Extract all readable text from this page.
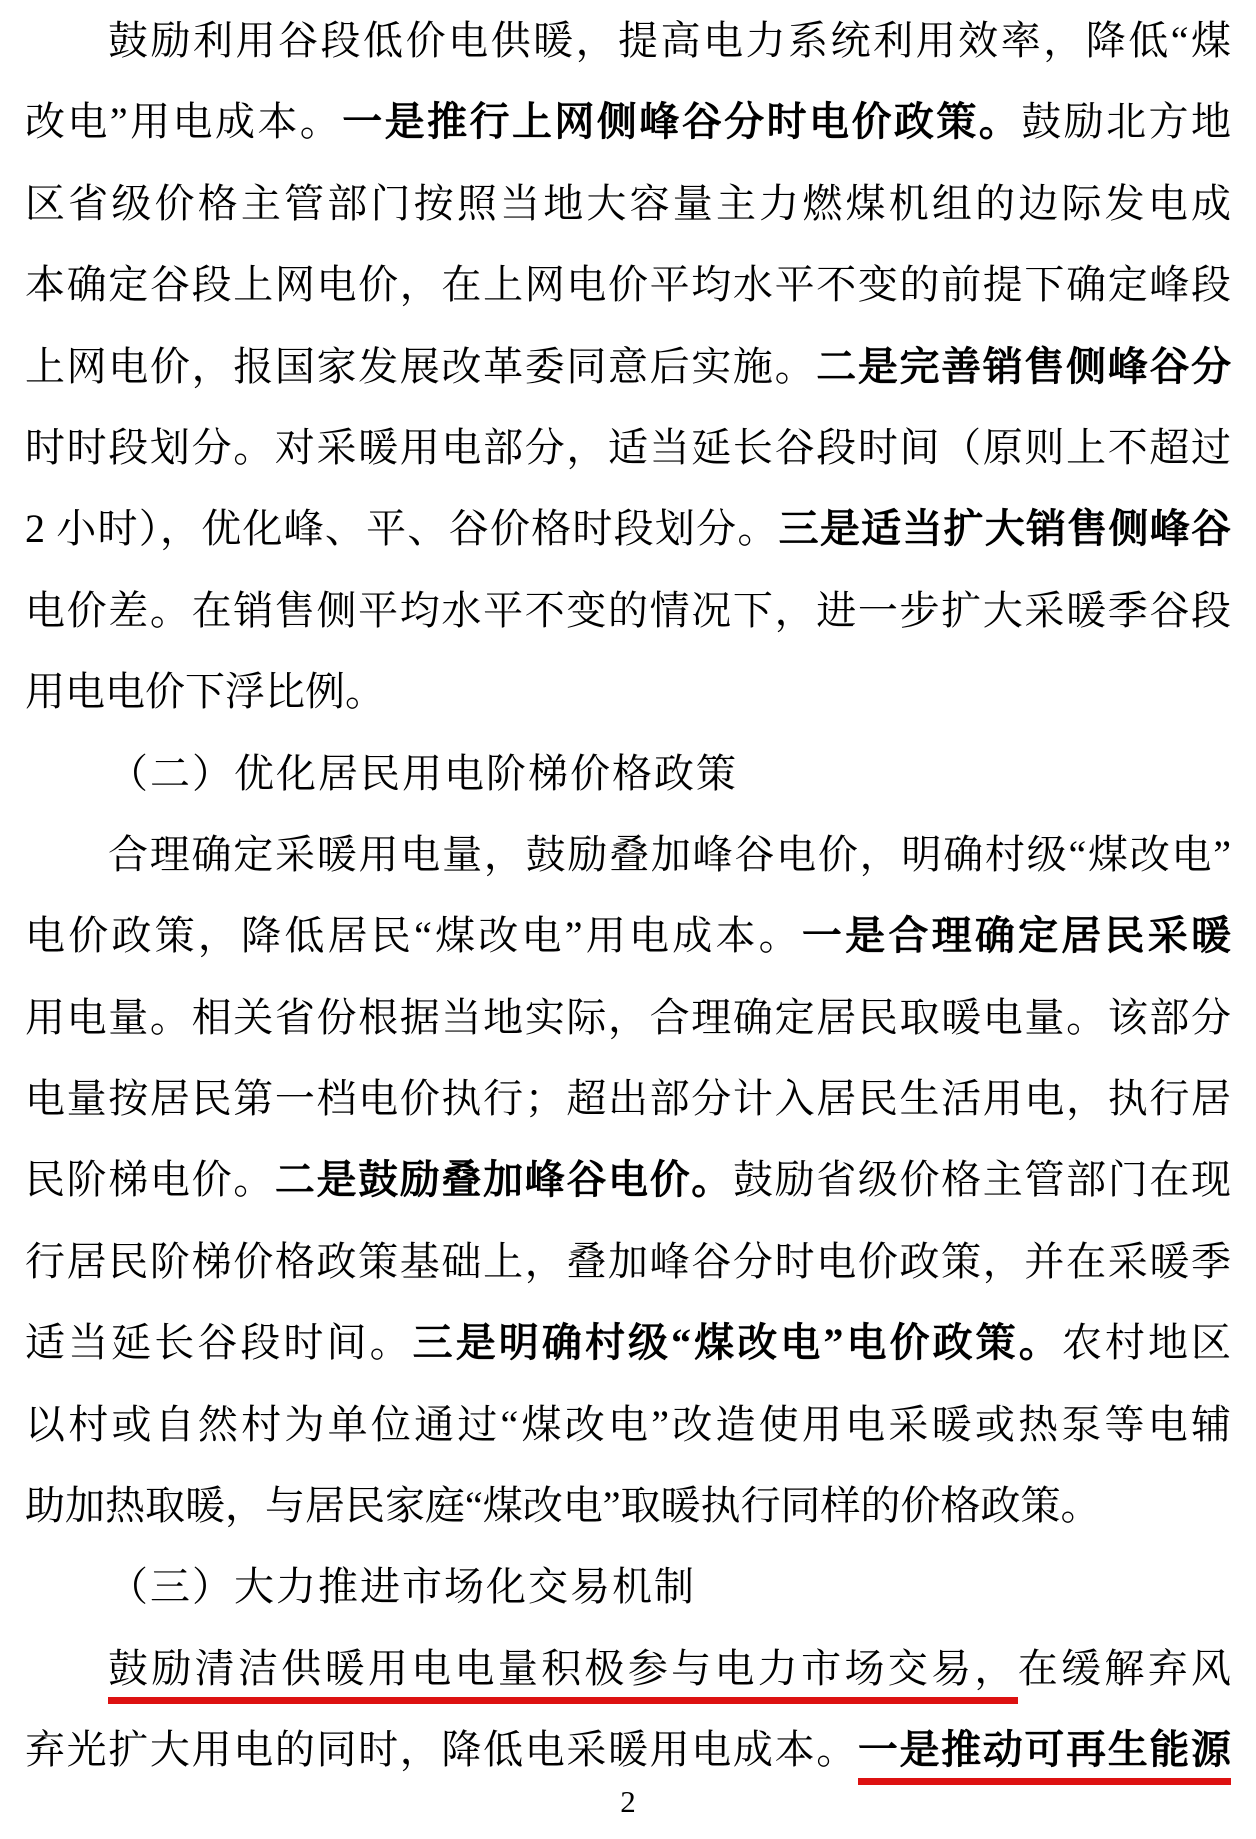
鼓励利用谷段低价电供暖，提高电力系统利用效率，降低“煤
改电”用电成本。一是推行上网侧峰谷分时电价政策。鼓励北方地
区省级价格主管部门按照当地大容量主力燃煤机组的边际发电成
本确定谷段上网电价，在上网电价平均水平不变的前提下确定峰段
上网电价，报国家发展改革委同意后实施。二是完善销售侧峰谷分
时时段划分。对采暖用电部分，适当延长谷段时间（原则上不超过
2 小时），优化峰、平、谷价格时段划分。三是适当扩大销售侧峰谷
电价差。在销售侧平均水平不变的情况下，进一步扩大采暖季谷段
用电电价下浮比例。
（二）优化居民用电阶梯价格政策
合理确定采暖用电量，鼓励叠加峰谷电价，明确村级“煤改电”
电价政策，降低居民“煤改电”用电成本。一是合理确定居民采暖
用电量。相关省份根据当地实际，合理确定居民取暖电量。该部分
电量按居民第一档电价执行；超出部分计入居民生活用电，执行居
民阶梯电价。二是鼓励叠加峰谷电价。鼓励省级价格主管部门在现
行居民阶梯价格政策基础上，叠加峰谷分时电价政策，并在采暖季
适当延长谷段时间。三是明确村级“煤改电”电价政策。农村地区
以村或自然村为单位通过“煤改电”改造使用电采暖或热泵等电辅
助加热取暖，与居民家庭“煤改电”取暖执行同样的价格政策。
（三）大力推进市场化交易机制
鼓励清洁供暖用电电量积极参与电力市场交易，在缓解弃风
弃光扩大用电的同时，降低电采暖用电成本。一是推动可再生能源
2
